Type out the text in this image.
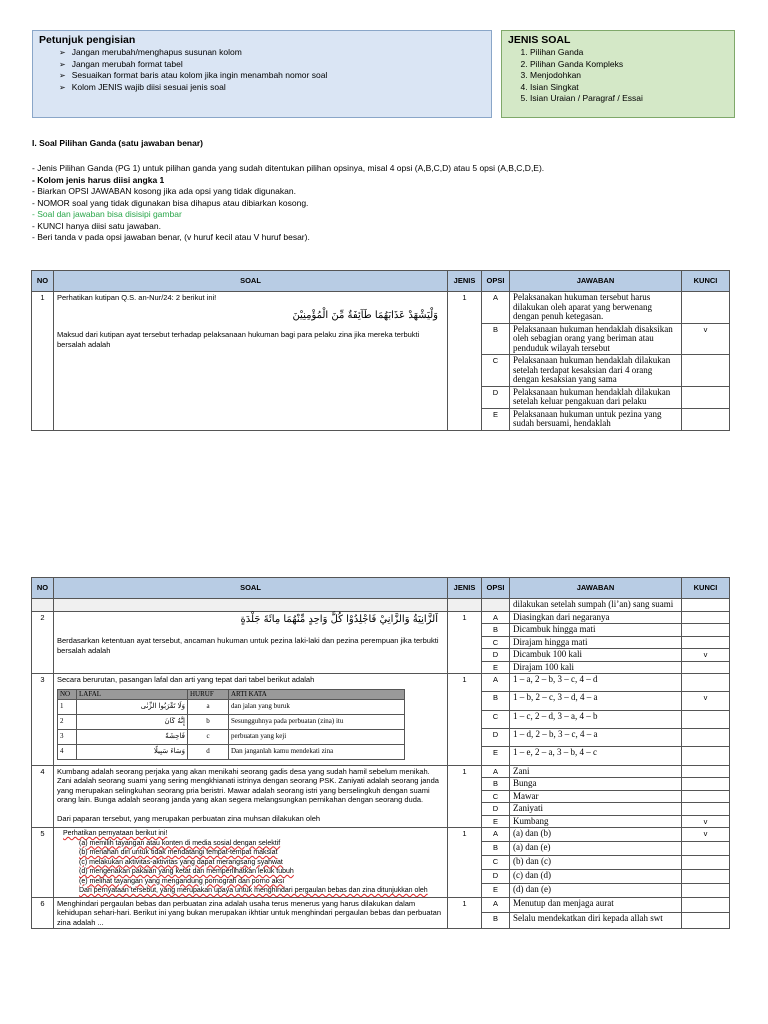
Petunjuk pengisian
➢ Jangan merubah/menghapus susunan kolom
➢ Jangan merubah format tabel
➢ Sesuaikan format baris atau kolom jika ingin menambah nomor soal
➢ Kolom JENIS wajib diisi sesuai jenis soal
JENIS SOAL
1. Pilihan Ganda
2. Pilihan Ganda Kompleks
3. Menjodohkan
4. Isian Singkat
5. Isian Uraian / Paragraf / Essai
I. Soal Pilihan Ganda (satu jawaban benar)
- Jenis Pilihan Ganda (PG 1) untuk pilihan ganda yang sudah ditentukan pilihan opsinya, misal 4 opsi (A,B,C,D) atau 5 opsi (A,B,C,D,E).
- Kolom jenis harus diisi angka 1
- Biarkan OPSI JAWABAN kosong jika ada opsi yang tidak digunakan.
- NOMOR soal yang tidak digunakan bisa dihapus atau dibiarkan kosong.
- Soal dan jawaban bisa disisipi gambar
- KUNCI hanya diisi satu jawaban.
- Beri tanda v pada opsi jawaban benar, (v huruf kecil atau V huruf besar).
NO	SOAL	JENIS	OPSI	JAWABAN	KUNCI
1	Perhatikan kutipan Q.S. an-Nur/24: 2 berikut ini!
وَلْيَشْهَدْ عَذَابَهُمَا طَآئِفَةٌ مِّنَ الْمُؤْمِنِيْنَ
Maksud dari kutipan ayat tersebut terhadap pelaksanaan hukuman bagi para pelaku zina jika mereka terbukti bersalah adalah	1	A	Pelaksanakan hukuman tersebut harus dilakukan oleh aparat yang berwenang dengan penuh ketegasan.	
			B	Pelaksanaan hukuman hendaklah disaksikan oleh sebagian orang yang beriman atau penduduk wilayah tersebut	v
			C	Pelaksanaan hukuman hendaklah dilakukan setelah terdapat kesaksian dari 4 orang dengan kesaksian yang sama	
			D	Pelaksanaan hukuman hendaklah dilakukan setelah keluar pengakuan dari pelaku	
			E	Pelaksanaan hukuman untuk pezina yang sudah bersuami, hendaklah	
NO	SOAL	JENIS	OPSI	JAWABAN	KUNCI
				dilakukan setelah sumpah (li’an) sang suami	
2	اَلزَّانِيَةُ وَالزَّانِيْ فَاجْلِدُوْا كُلَّ وَاحِدٍ مِّنْهُمَا مِائَةَ جَلْدَةٍ
Berdasarkan ketentuan ayat tersebut, ancaman hukuman untuk pezina laki-laki dan pezina perempuan jika terbukti bersalah adalah
	1	A	Diasingkan dari negaranya	
B	Dicambuk hingga mati	
C	Dirajam hingga mati	
D	Dicambuk 100 kali	v
E	Dirajam 100 kali	
3	Secara berurutan, pasangan lafal dan arti yang tepat dari tabel berikut adalah
NO	LAFAL	HURUF	ARTI KATA
1	وَلَا تَقْرَبُوا الزِّنٰى	a	dan jalan yang buruk
2	إِنَّهُ كَانَ	b	Sesungguhnya pada perbuatan (zina) itu
3	فَاحِشَةً	c	perbuatan yang keji
4	وَسَاءَ سَبِيلًا	d	Dan janganlah kamu mendekati zina
	1	A	1 – a, 2 – b, 3 – c, 4 – d	
B	1 – b, 2 – c, 3 – d, 4 – a	v
C	1 – c, 2 – d, 3 – a, 4 – b	
D	1 – d, 2 – b, 3 – c, 4 – a	
E	1 – e, 2 – a, 3 – b, 4 – c	
4	Kumbang adalah seorang perjaka yang akan menikahi seorang gadis desa yang sudah hamil sebelum menikah. Zani adalah seorang suami yang sering mengkhianati istrinya dengan seorang PSK. Zaniyati adalah seorang janda yang merupakan selingkuhan seorang pria beristri. Mawar adalah seorang istri yang berselingkuh dengan suami orang lain. Bunga adalah seorang janda yang akan segera melangsungkan pernikahan dengan seorang duda.
Dari paparan tersebut, yang merupakan perbuatan zina muhsan dilakukan oleh
	1	A	Zani	
B	Bunga	
C	Mawar	
D	Zaniyati	
E	Kumbang	v
5	Perhatikan pernyataan berikut ini!
(a) memilih tayangan atau konten di media sosial dengan selektif
(b) menahan diri untuk tidak mendatangi tempat-tempat maksiat
(c) melakukan aktivitas-aktivitas yang dapat merangsang syahwat
(d) mengenakan pakaian yang ketat dan memperlihatkan lekuk tubuh
(e) melihat tayangan yang mengandung pornografi dan porno aksi
Dari pernyataan tersebut, yang merupakan upaya untuk menghindari pergaulan bebas dan zina ditunjukkan oleh
	1	A	(a) dan (b)	v
B	(a) dan (e)	
C	(b) dan (c)	
D	(c) dan (d)	
E	(d) dan (e)	
6	Menghindari pergaulan bebas dan perbuatan zina adalah usaha terus menerus yang harus dilakukan dalam kehidupan sehari-hari. Berikut ini yang bukan merupakan ikhtiar untuk menghindari pergaulan bebas dan perbuatan zina adalah ...	1	A	Menutup dan menjaga aurat	
B	Selalu mendekatkan diri kepada allah swt	
